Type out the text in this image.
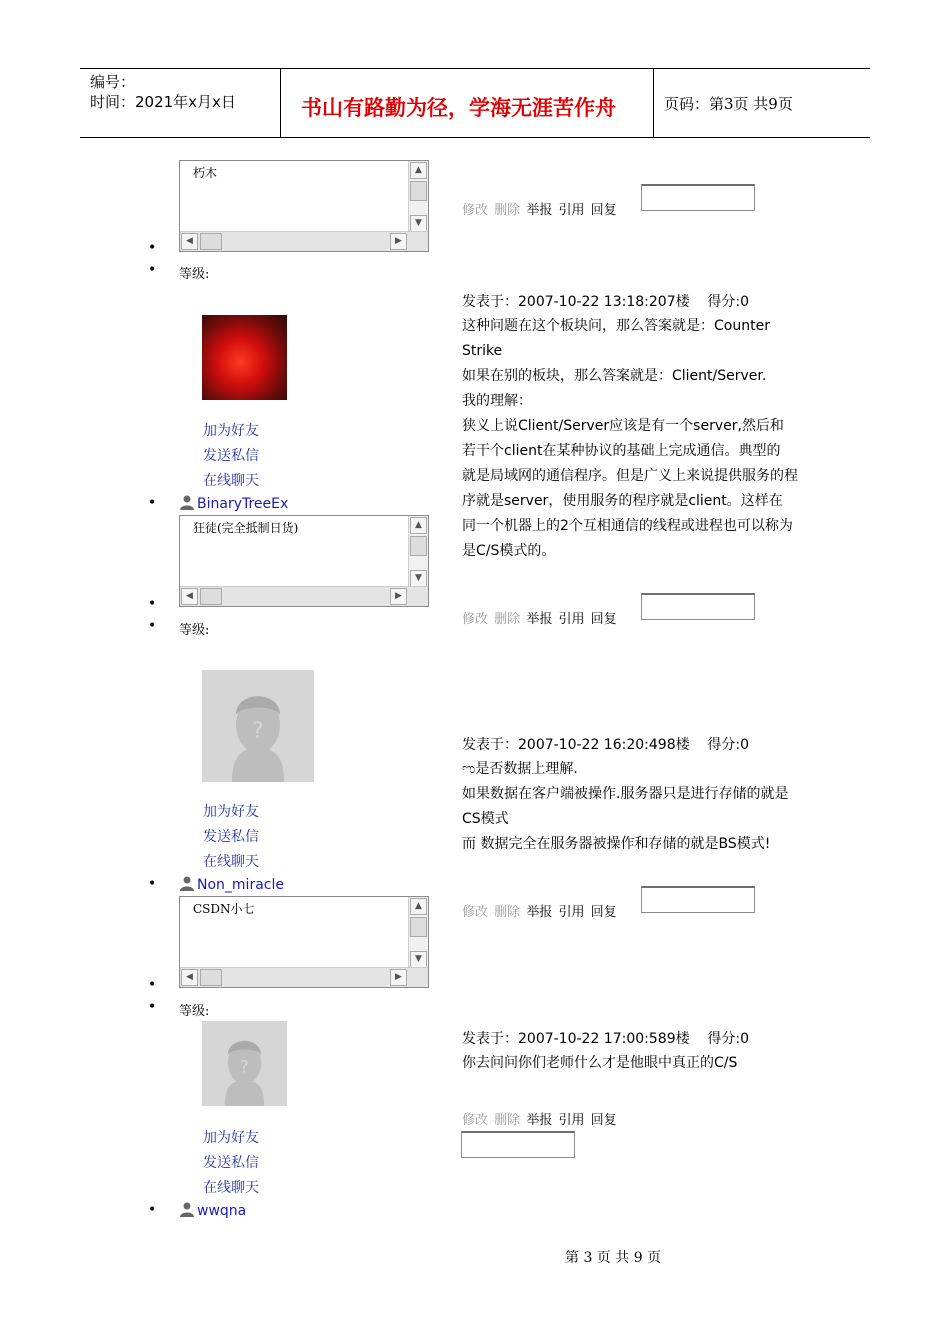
编号：
时间：2021年x月x日	书山有路勤为径，学海无涯苦作舟	页码：第3页 共9页
朽木	▲
▼
◀	▶
修改 删除 举报 引用 回复
•
• 等级:
加为好友
发送私信
在线聊天
•	BinaryTreeEx
发表于：2007-10-22 13:18:207楼    得分:0
这种问题在这个板块问，那么答案就是：Counter
Strike
如果在别的板块，那么答案就是：Client/Server.
我的理解：
狭义上说Client/Server应该是有一个server,然后和
若干个client在某种协议的基础上完成通信。典型的
就是局域网的通信程序。但是广义上来说提供服务的程
序就是server，使用服务的程序就是client。这样在
同一个机器上的2个互相通信的线程或进程也可以称为
是C/S模式的。
狂徒(完全抵制日货)	▲
▼
◀	▶
修改 删除 举报 引用 回复
•
• 等级:
?
加为好友
发送私信
在线聊天
•	Non_miracle
发表于：2007-10-22 16:20:498楼    得分:0
ಌ是否数据上理解.
如果数据在客户端被操作.服务器只是进行存储的就是
CS模式
而 数据完全在服务器被操作和存储的就是BS模式!
CSDN小七	▲
▼
◀	▶
修改 删除 举报 引用 回复
•
• 等级:
?
加为好友
发送私信
在线聊天
•	wwqna
发表于：2007-10-22 17:00:589楼    得分:0
你去问问你们老师什么才是他眼中真正的C/S
修改 删除 举报 引用 回复
第 3 页 共 9 页
